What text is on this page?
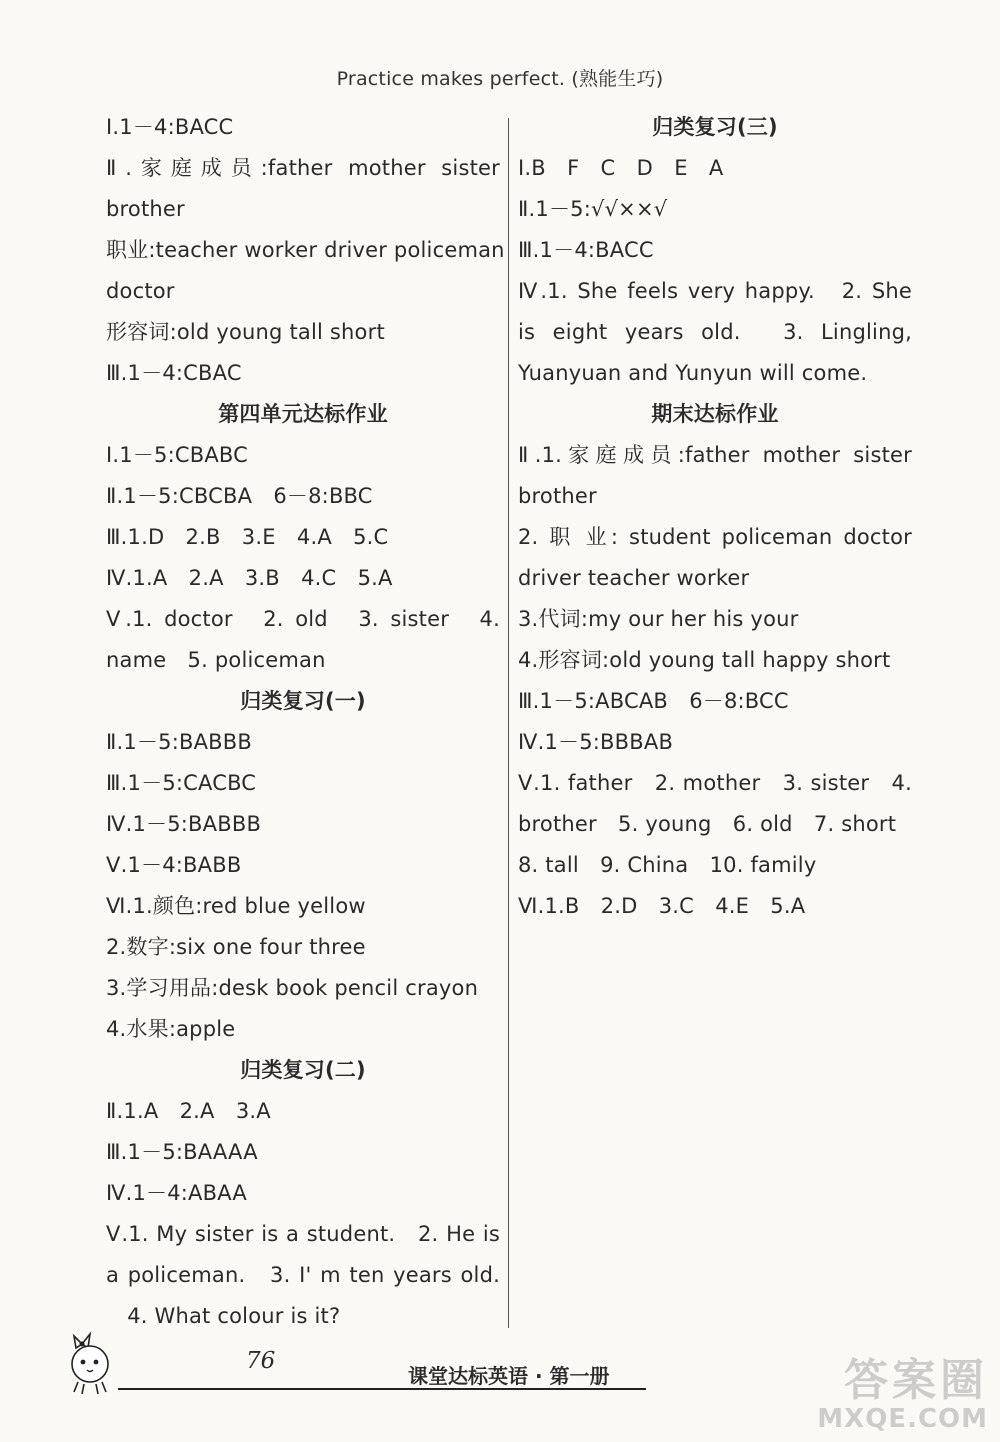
Practice makes perfect. (熟能生巧)
Ⅰ.1－4:BACC
Ⅱ.家庭成员:father mother sister
brother
职业:teacher worker driver policeman
doctor
形容词:old young tall short
Ⅲ.1－4:CBAC
第四单元达标作业
Ⅰ.1－5:CBABC
Ⅱ.1－5:CBCBA　6－8:BBC
Ⅲ.1.D　2.B　3.E　4.A　5.C
Ⅳ.1.A　2.A　3.B　4.C　5.A
Ⅴ.1. doctor　2. old　3. sister　4.
name　5. policeman
归类复习(一)
Ⅱ.1－5:BABBB
Ⅲ.1－5:CACBC
Ⅳ.1－5:BABBB
Ⅴ.1－4:BABB
Ⅵ.1.颜色:red blue yellow
2.数字:six one four three
3.学习用品:desk book pencil crayon
4.水果:apple
归类复习(二)
Ⅱ.1.A　2.A　3.A
Ⅲ.1－5:BAAAA
Ⅳ.1－4:ABAA
Ⅴ.1. My sister is a student.　2. He is
a policeman.　3. I' m ten years old.
　4. What colour is it?
归类复习(三)
Ⅰ.B　F　C　D　E　A
Ⅱ.1－5:√√××√
Ⅲ.1－4:BACC
Ⅳ.1. She feels very happy.　2. She
is eight years old.　3. Lingling,
Yuanyuan and Yunyun will come.
期末达标作业
Ⅱ.1.家庭成员:father mother sister
brother
2. 职 业: student policeman doctor
driver teacher worker
3.代词:my our her his your
4.形容词:old young tall happy short
Ⅲ.1－5:ABCAB　6－8:BCC
Ⅳ.1－5:BBBAB
Ⅴ.1. father　2. mother　3. sister　4.
brother　5. young　6. old　7. short
8. tall　9. China　10. family
Ⅵ.1.B　2.D　3.C　4.E　5.A
76
课堂达标英语 · 第一册	答案圈
MXQE.COM
